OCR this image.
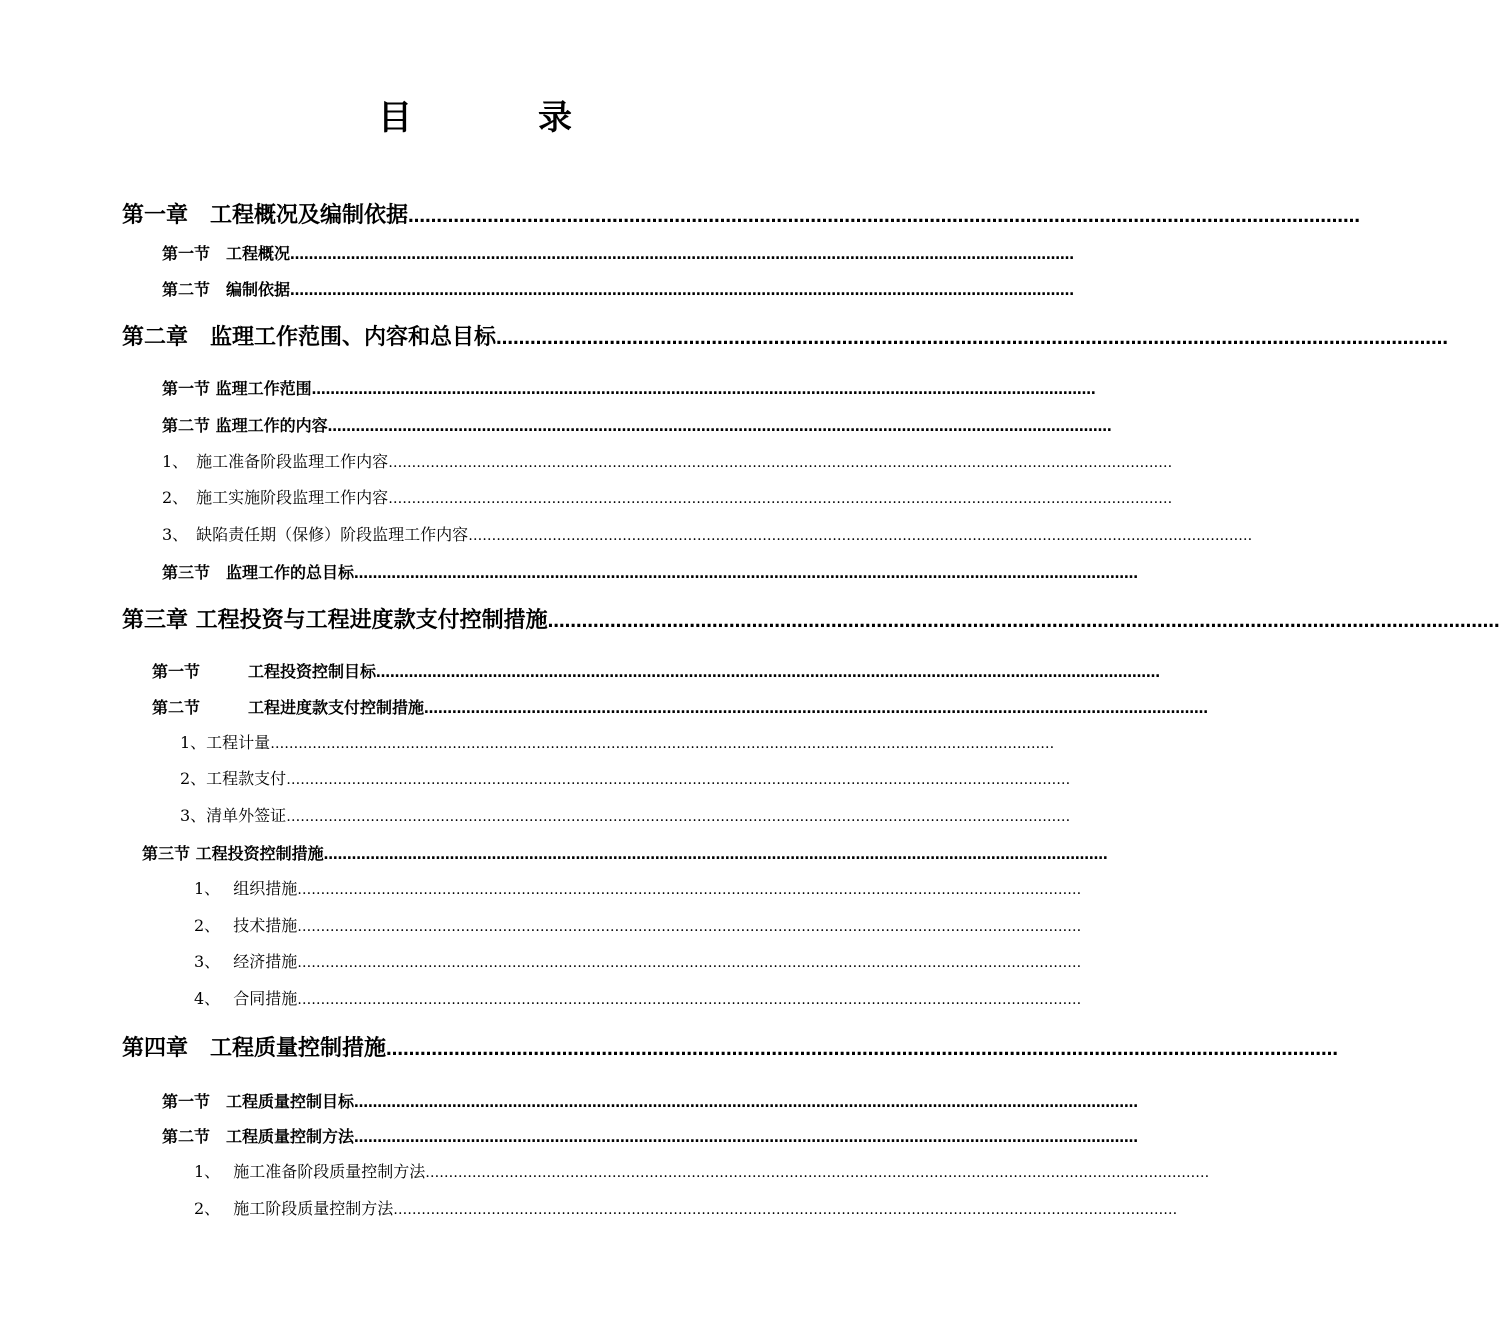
目　录
第一章　工程概况及编制依据 ……………………………………………………………………………………………………………………………………………………
第一节　工程概况 ……………………………………………………………………………………………………………………………………………………
第二节　编制依据 ……………………………………………………………………………………………………………………………………………………
第二章　监理工作范围、内容和总目标 ……………………………………………………………………………………………………………………………………………………
第一节 监理工作范围 ……………………………………………………………………………………………………………………………………………………
第二节 监理工作的内容 ……………………………………………………………………………………………………………………………………………………
1、　施工准备阶段监理工作内容 ……………………………………………………………………………………………………………………………………………………
2、　施工实施阶段监理工作内容 ……………………………………………………………………………………………………………………………………………………
3、　缺陷责任期（保修）阶段监理工作内容 ……………………………………………………………………………………………………………………………………………………
第三节　监理工作的总目标 ……………………………………………………………………………………………………………………………………………………
第三章 工程投资与工程进度款支付控制措施 ……………………………………………………………………………………………………………………………………………………
第一节　　　工程投资控制目标 ……………………………………………………………………………………………………………………………………………………
第二节　　　工程进度款支付控制措施 ……………………………………………………………………………………………………………………………………………………
1、工程计量 ……………………………………………………………………………………………………………………………………………………
2、工程款支付 ……………………………………………………………………………………………………………………………………………………
3、清单外签证 ……………………………………………………………………………………………………………………………………………………
第三节 工程投资控制措施 ……………………………………………………………………………………………………………………………………………………
1、　 组织措施 ……………………………………………………………………………………………………………………………………………………
2、　 技术措施 ……………………………………………………………………………………………………………………………………………………
3、　 经济措施 ……………………………………………………………………………………………………………………………………………………
4、　 合同措施 ……………………………………………………………………………………………………………………………………………………
第四章　工程质量控制措施 ……………………………………………………………………………………………………………………………………………………
第一节　工程质量控制目标 ……………………………………………………………………………………………………………………………………………………
第二节　工程质量控制方法 ……………………………………………………………………………………………………………………………………………………
1、　 施工准备阶段质量控制方法 ……………………………………………………………………………………………………………………………………………………
2、　 施工阶段质量控制方法 ……………………………………………………………………………………………………………………………………………………
